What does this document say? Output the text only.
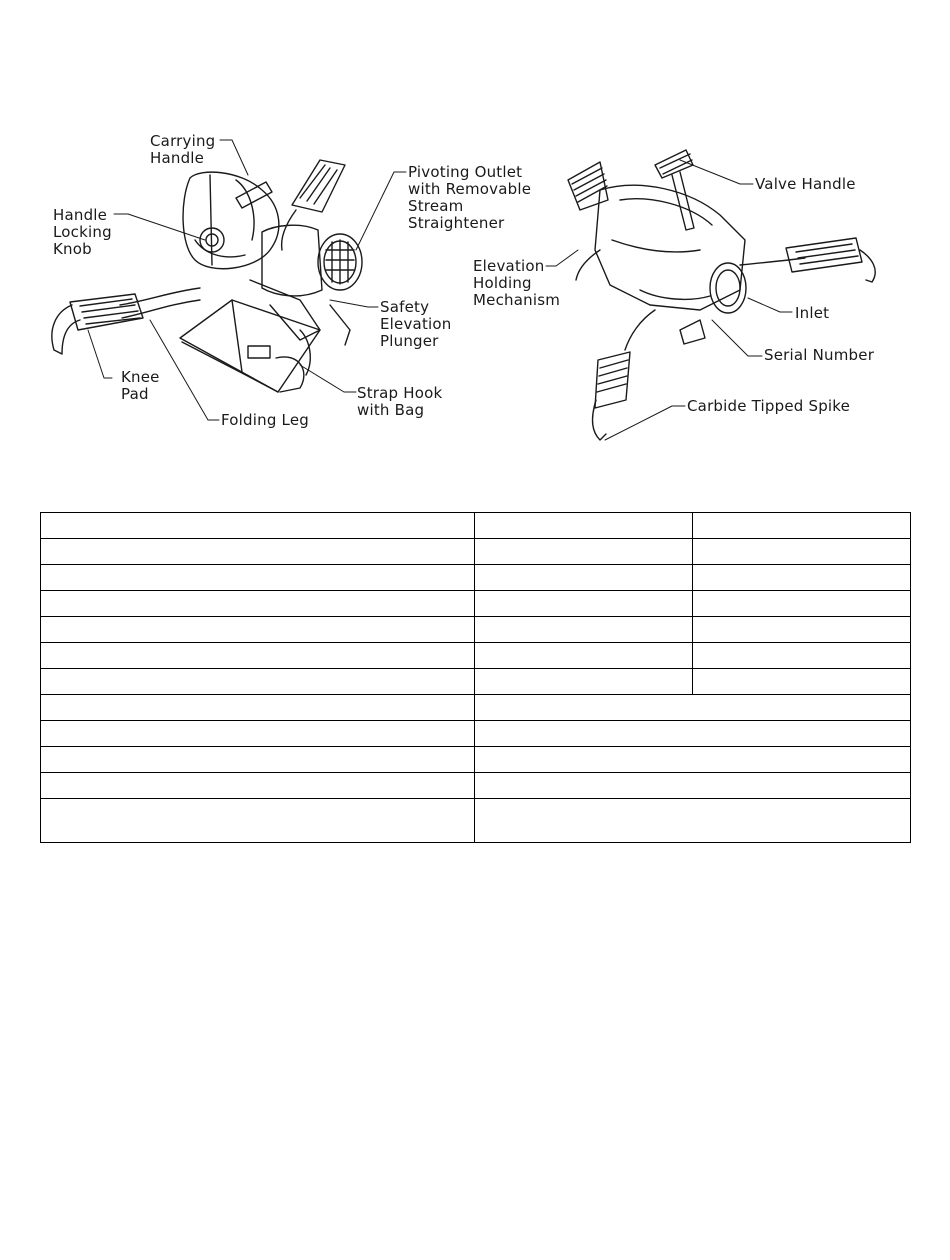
Carrying
Handle
Handle
Locking
Knob
Pivoting Outlet
with Removable
Stream
Straightener
Safety
Elevation
Plunger
Knee
Pad	Strap Hook
with Bag
Folding Leg
Valve Handle
Elevation
Holding
Mechanism
Inlet
Serial Number
Carbide Tipped Spike
